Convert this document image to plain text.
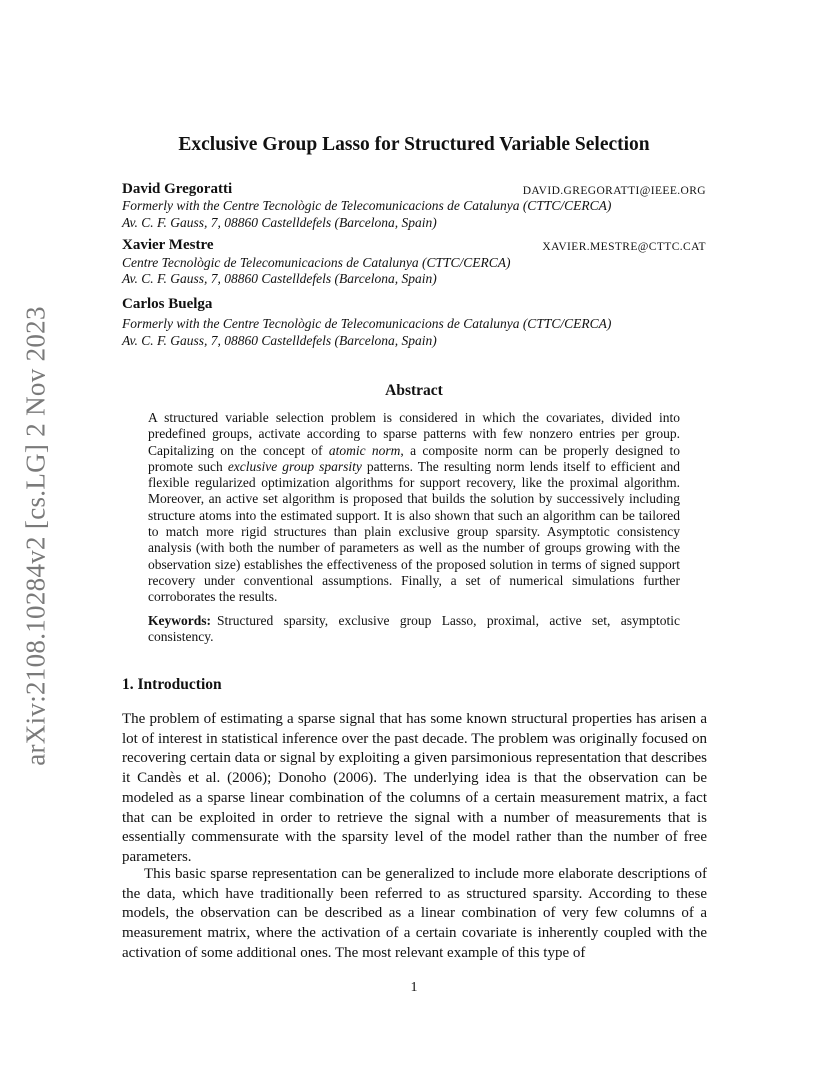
arXiv:2108.10284v2 [cs.LG] 2 Nov 2023
Exclusive Group Lasso for Structured Variable Selection
David Gregoratti	DAVID.GREGORATTI@IEEE.ORG
Formerly with the Centre Tecnològic de Telecomunicacions de Catalunya (CTTC/CERCA)
Av. C. F. Gauss, 7, 08860 Castelldefels (Barcelona, Spain)
Xavier Mestre	XAVIER.MESTRE@CTTC.CAT
Centre Tecnològic de Telecomunicacions de Catalunya (CTTC/CERCA)
Av. C. F. Gauss, 7, 08860 Castelldefels (Barcelona, Spain)
Carlos Buelga
Formerly with the Centre Tecnològic de Telecomunicacions de Catalunya (CTTC/CERCA)
Av. C. F. Gauss, 7, 08860 Castelldefels (Barcelona, Spain)
Abstract
A structured variable selection problem is considered in which the covariates, divided into predefined groups, activate according to sparse patterns with few nonzero entries per group. Capitalizing on the concept of atomic norm, a composite norm can be properly designed to promote such exclusive group sparsity patterns. The resulting norm lends itself to efficient and flexible regularized optimization algorithms for support recovery, like the proximal algorithm. Moreover, an active set algorithm is proposed that builds the solution by successively including structure atoms into the estimated support. It is also shown that such an algorithm can be tailored to match more rigid structures than plain exclusive group sparsity. Asymptotic consistency analysis (with both the number of parameters as well as the number of groups growing with the observation size) establishes the effectiveness of the proposed solution in terms of signed support recovery under conventional assumptions. Finally, a set of numerical simulations further corroborates the results.
Keywords: Structured sparsity, exclusive group Lasso, proximal, active set, asymptotic consistency.
1. Introduction
The problem of estimating a sparse signal that has some known structural properties has arisen a lot of interest in statistical inference over the past decade. The problem was originally focused on recovering certain data or signal by exploiting a given parsimonious representation that describes it Candès et al. (2006); Donoho (2006). The underlying idea is that the observation can be modeled as a sparse linear combination of the columns of a certain measurement matrix, a fact that can be exploited in order to retrieve the signal with a number of measurements that is essentially commensurate with the sparsity level of the model rather than the number of free parameters.
This basic sparse representation can be generalized to include more elaborate descriptions of the data, which have traditionally been referred to as structured sparsity. According to these models, the observation can be described as a linear combination of very few columns of a measurement matrix, where the activation of a certain covariate is inherently coupled with the activation of some additional ones. The most relevant example of this type of
1
